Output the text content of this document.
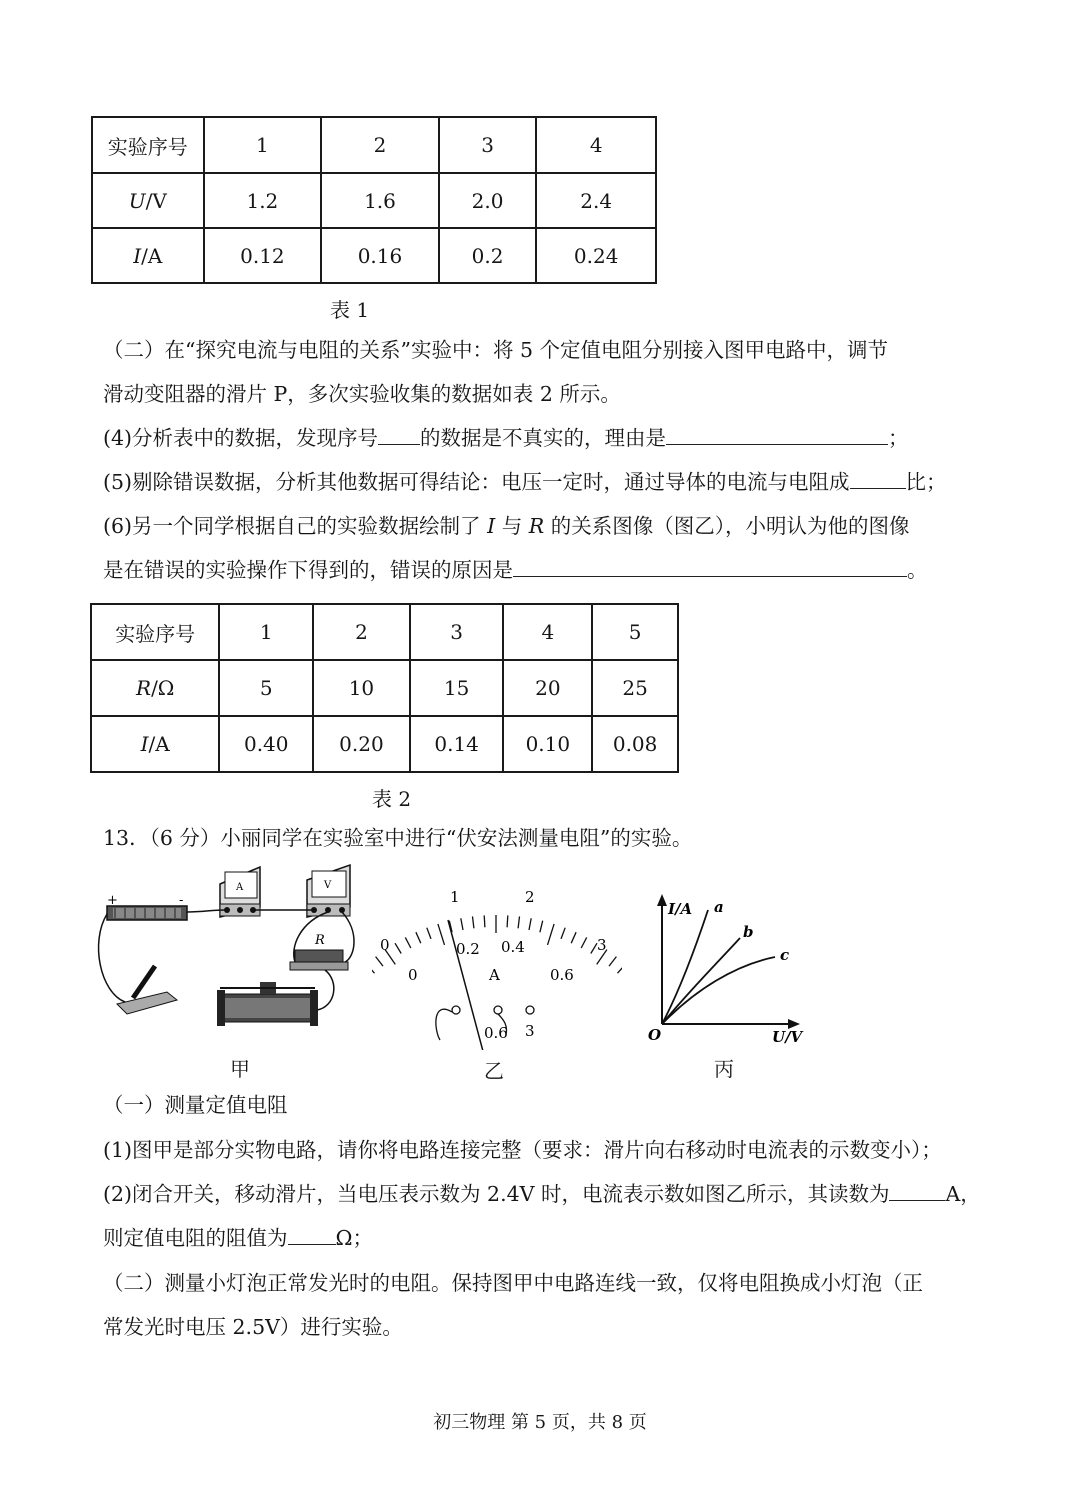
实验序号	1	2	3	4
U/V	1.2	1.6	2.0	2.4
I/A	0.12	0.16	0.2	0.24
表 1
（二）在“探究电流与电阻的关系”实验中：将 5 个定值电阻分别接入图甲电路中，调节
滑动变阻器的滑片 P，多次实验收集的数据如表 2 所示。
(4)分析表中的数据，发现序号 的数据是不真实的，理由是	；
(5)剔除错误数据，分析其他数据可得结论：电压一定时，通过导体的电流与电阻成	比；
(6)另一个同学根据自己的实验数据绘制了 I 与 R 的关系图像（图乙），小明认为他的图像
是在错误的实验操作下得到的，错误的原因是	。
实验序号	1	2	3	4	5
R/Ω	5	10	15	20	25
I/A	0.40	0.20	0.14	0.10	0.08
表 2
13．（6 分）小丽同学在实验室中进行“伏安法测量电阻”的实验。
+	-
A	V
R
甲
0
1	2
3
0
0.2 0.4
0.6
A
0.6 3
乙
I/A
U/V
O
a
b
c
丙
（一）测量定值电阻
(1)图甲是部分实物电路，请你将电路连接完整（要求：滑片向右移动时电流表的示数变小）；
(2)闭合开关，移动滑片，当电压表示数为 2.4V 时，电流表示数如图乙所示，其读数为	A，
则定值电阻的阻值为 Ω；
（二）测量小灯泡正常发光时的电阻。保持图甲中电路连线一致，仅将电阻换成小灯泡（正
常发光时电压 2.5V）进行实验。
初三物理 第 5 页，共 8 页
